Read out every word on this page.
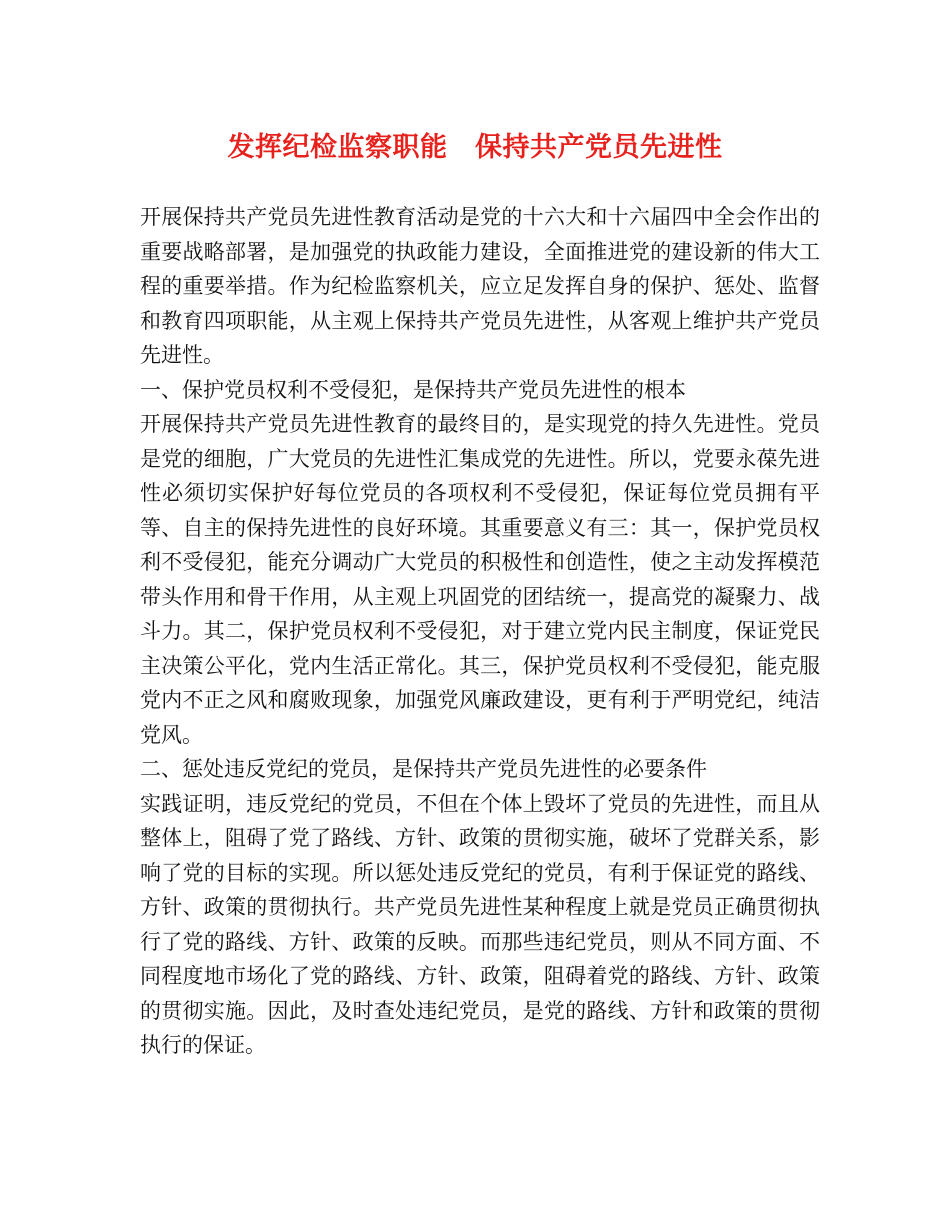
发挥纪检监察职能　保持共产党员先进性

开展保持共产党员先进性教育活动是党的十六大和十六届四中全会作出的重要战略部署，是加强党的执政能力建设，全面推进党的建设新的伟大工程的重要举措。作为纪检监察机关，应立足发挥自身的保护、惩处、监督和教育四项职能，从主观上保持共产党员先进性，从客观上维护共产党员先进性。

一、保护党员权利不受侵犯，是保持共产党员先进性的根本

开展保持共产党员先进性教育的最终目的，是实现党的持久先进性。党员是党的细胞，广大党员的先进性汇集成党的先进性。所以，党要永葆先进性必须切实保护好每位党员的各项权利不受侵犯，保证每位党员拥有平等、自主的保持先进性的良好环境。其重要意义有三：其一，保护党员权利不受侵犯，能充分调动广大党员的积极性和创造性，使之主动发挥模范带头作用和骨干作用，从主观上巩固党的团结统一，提高党的凝聚力、战斗力。其二，保护党员权利不受侵犯，对于建立党内民主制度，保证党民主决策公平化，党内生活正常化。其三，保护党员权利不受侵犯，能克服党内不正之风和腐败现象，加强党风廉政建设，更有利于严明党纪，纯洁党风。

二、惩处违反党纪的党员，是保持共产党员先进性的必要条件

实践证明，违反党纪的党员，不但在个体上毁坏了党员的先进性，而且从整体上，阻碍了党了路线、方针、政策的贯彻实施，破坏了党群关系，影响了党的目标的实现。所以惩处违反党纪的党员，有利于保证党的路线、方针、政策的贯彻执行。共产党员先进性某种程度上就是党员正确贯彻执行了党的路线、方针、政策的反映。而那些违纪党员，则从不同方面、不同程度地市场化了党的路线、方针、政策，阻碍着党的路线、方针、政策的贯彻实施。因此，及时查处违纪党员，是党的路线、方针和政策的贯彻执行的保证。
